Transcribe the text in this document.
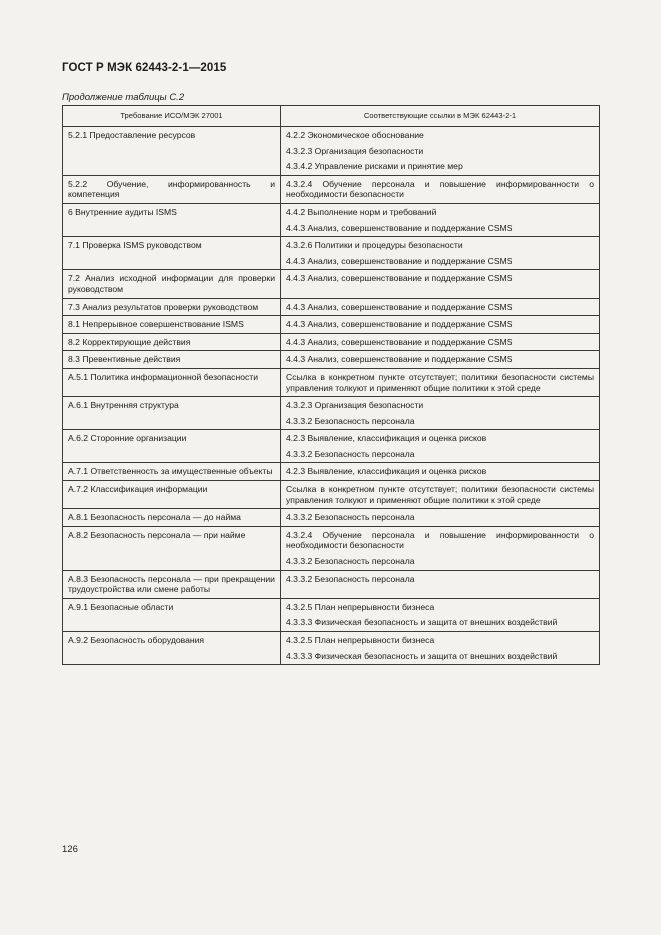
ГОСТ Р МЭК 62443-2-1—2015
Продолжение таблицы С.2
Требование ИСО/МЭК 27001	Соответствующие ссылки в МЭК 62443-2-1
5.2.1 Предоставление ресурсов	4.2.2 Экономическое обоснование
4.3.2.3 Организация безопасности
4.3.4.2 Управление рисками и принятие мер

5.2.2 Обучение, информированность и компетенция	4.3.2.4 Обучение персонала и повышение информированности о необходимости безопасности

6 Внутренние аудиты ISMS	4.4.2 Выполнение норм и требований
4.4.3 Анализ, совершенствование и поддержание CSMS

7.1 Проверка ISMS руководством	4.3.2.6 Политики и процедуры безопасности
4.4.3 Анализ, совершенствование и поддержание CSMS

7.2 Анализ исходной информации для проверки руководством	4.4.3 Анализ, совершенствование и поддержание CSMS

7.3 Анализ результатов проверки руководством	4.4.3 Анализ, совершенствование и поддержание CSMS

8.1 Непрерывное совершенствование ISMS	4.4.3 Анализ, совершенствование и поддержание CSMS

8.2 Корректирующие действия	4.4.3 Анализ, совершенствование и поддержание CSMS

8.3 Превентивные действия	4.4.3 Анализ, совершенствование и поддержание CSMS

А.5.1 Политика информационной безопасности	Ссылка в конкретном пункте отсутствует; политики безопасности системы управления толкуют и применяют общие политики к этой среде

А.6.1 Внутренняя структура	4.3.2.3 Организация безопасности
4.3.3.2 Безопасность персонала

А.6.2 Сторонние организации	4.2.3 Выявление, классификация и оценка рисков
4.3.3.2 Безопасность персонала

А.7.1 Ответственность за имущественные объекты	4.2.3 Выявление, классификация и оценка рисков

А.7.2 Классификация информации	Ссылка в конкретном пункте отсутствует; политики безопасности системы управления толкуют и применяют общие политики к этой среде

А.8.1 Безопасность персонала — до найма	4.3.3.2 Безопасность персонала

А.8.2 Безопасность персонала — при найме	4.3.2.4 Обучение персонала и повышение информированности о необходимости безопасности
4.3.3.2 Безопасность персонала

А.8.3 Безопасность персонала — при прекращении трудоустройства или смене работы	4.3.3.2 Безопасность персонала

А.9.1 Безопасные области	4.3.2.5 План непрерывности бизнеса
4.3.3.3 Физическая безопасность и защита от внешних воздействий

А.9.2 Безопасность оборудования	4.3.2.5 План непрерывности бизнеса
4.3.3.3 Физическая безопасность и защита от внешних воздействий
126
